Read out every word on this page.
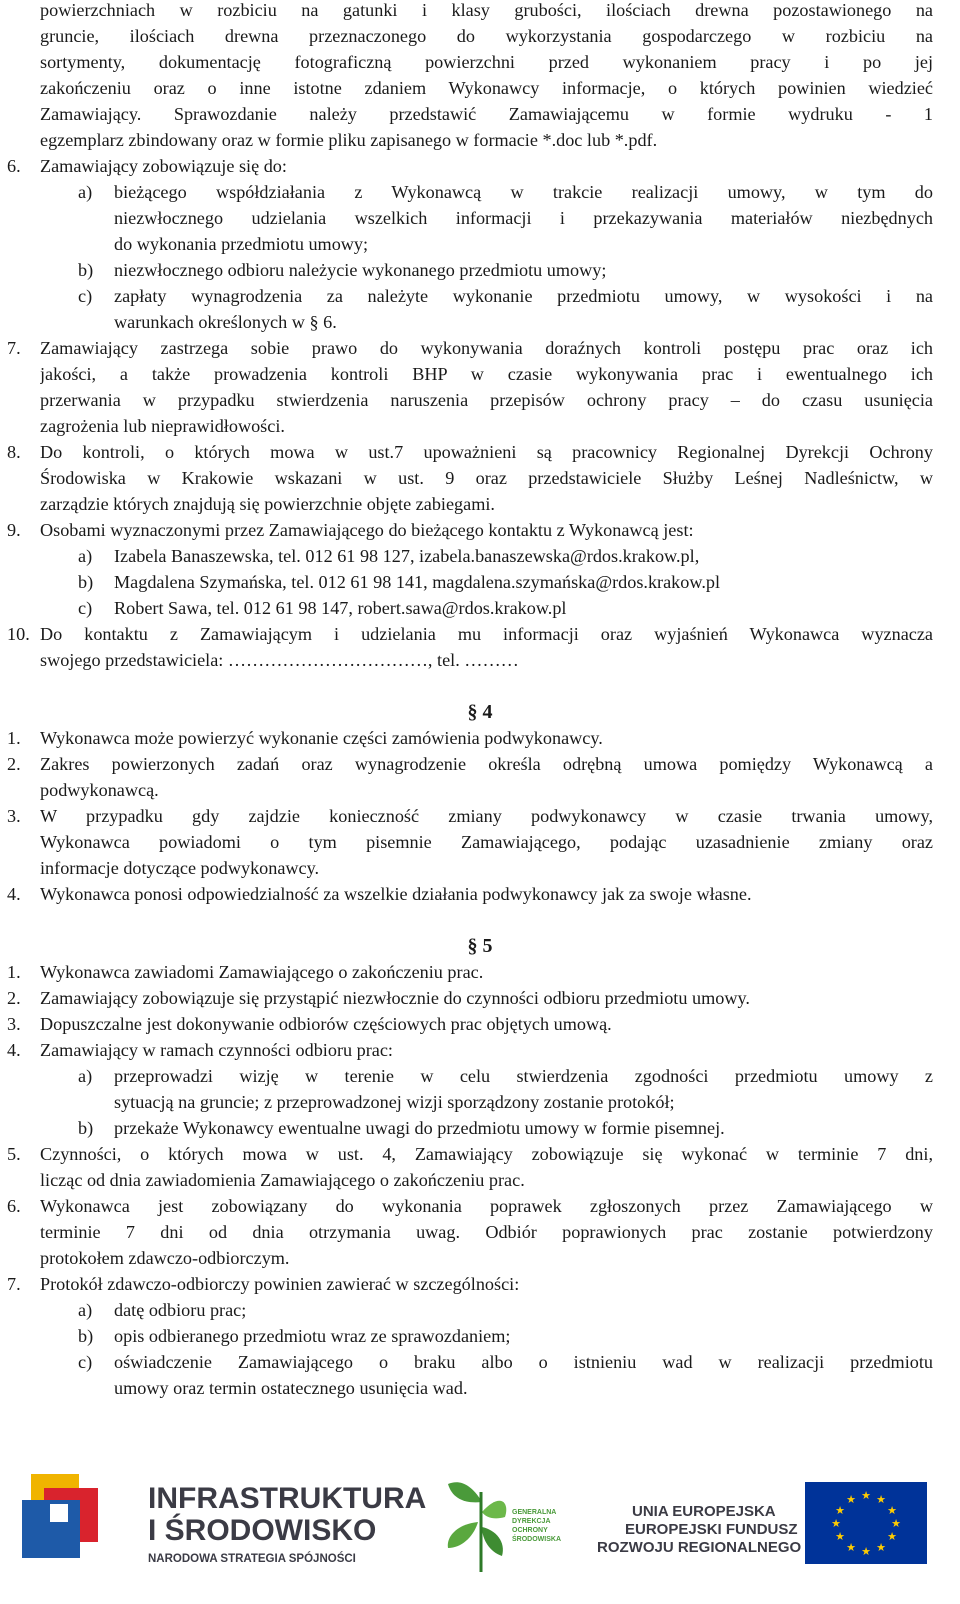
powierzchniach w rozbiciu na gatunki i klasy grubości, ilościach drewna pozostawionego na
gruncie, ilościach drewna przeznaczonego do wykorzystania gospodarczego w rozbiciu na
sortymenty, dokumentację fotograficzną powierzchni przed wykonaniem pracy i po jej
zakończeniu oraz o inne istotne zdaniem Wykonawcy informacje, o których powinien wiedzieć
Zamawiający. Sprawozdanie należy przedstawić Zamawiającemu w formie wydruku - 1
egzemplarz zbindowany oraz w formie pliku zapisanego w formacie *.doc lub *.pdf.
6. Zamawiający zobowiązuje się do:
a) bieżącego współdziałania z Wykonawcą w trakcie realizacji umowy, w tym do
niezwłocznego udzielania wszelkich informacji i przekazywania materiałów niezbędnych
do wykonania przedmiotu umowy;
b) niezwłocznego odbioru należycie wykonanego przedmiotu umowy;
c) zapłaty wynagrodzenia za należyte wykonanie przedmiotu umowy, w wysokości i na
warunkach określonych w § 6.
7. Zamawiający zastrzega sobie prawo do wykonywania doraźnych kontroli postępu prac oraz ich
jakości, a także prowadzenia kontroli BHP w czasie wykonywania prac i ewentualnego ich
przerwania w przypadku stwierdzenia naruszenia przepisów ochrony pracy – do czasu usunięcia
zagrożenia lub nieprawidłowości.
8. Do kontroli, o których mowa w ust.7 upoważnieni są pracownicy Regionalnej Dyrekcji Ochrony
Środowiska w Krakowie wskazani w ust. 9 oraz przedstawiciele Służby Leśnej Nadleśnictw, w
zarządzie których znajdują się powierzchnie objęte zabiegami.
9. Osobami wyznaczonymi przez Zamawiającego do bieżącego kontaktu z Wykonawcą jest:
a) Izabela Banaszewska, tel. 012 61 98 127, izabela.banaszewska@rdos.krakow.pl,
b) Magdalena Szymańska, tel. 012 61 98 141, magdalena.szymańska@rdos.krakow.pl
c) Robert Sawa, tel. 012 61 98 147, robert.sawa@rdos.krakow.pl
10. Do kontaktu z Zamawiającym i udzielania mu informacji oraz wyjaśnień Wykonawca wyznacza
swojego przedstawiciela: ……………………………, tel. ………
§ 4
1. Wykonawca może powierzyć wykonanie części zamówienia podwykonawcy.
2. Zakres powierzonych zadań oraz wynagrodzenie określa odrębną umowa pomiędzy Wykonawcą a
podwykonawcą.
3. W przypadku gdy zajdzie konieczność zmiany podwykonawcy w czasie trwania umowy,
Wykonawca powiadomi o tym pisemnie Zamawiającego, podając uzasadnienie zmiany oraz
informacje dotyczące podwykonawcy.
4. Wykonawca ponosi odpowiedzialność za wszelkie działania podwykonawcy jak za swoje własne.
§ 5
1. Wykonawca zawiadomi Zamawiającego o zakończeniu prac.
2. Zamawiający zobowiązuje się przystąpić niezwłocznie do czynności odbioru przedmiotu umowy.
3. Dopuszczalne jest dokonywanie odbiorów częściowych prac objętych umową.
4. Zamawiający w ramach czynności odbioru prac:
a) przeprowadzi wizję w terenie w celu stwierdzenia zgodności przedmiotu umowy z
sytuacją na gruncie; z przeprowadzonej wizji sporządzony zostanie protokół;
b) przekaże Wykonawcy ewentualne uwagi do przedmiotu umowy w formie pisemnej.
5. Czynności, o których mowa w ust. 4, Zamawiający zobowiązuje się wykonać w terminie 7 dni,
licząc od dnia zawiadomienia Zamawiającego o zakończeniu prac.
6. Wykonawca jest zobowiązany do wykonania poprawek zgłoszonych przez Zamawiającego w
terminie 7 dni od dnia otrzymania uwag. Odbiór poprawionych prac zostanie potwierdzony
protokołem zdawczo-odbiorczym.
7. Protokół zdawczo-odbiorczy powinien zawierać w szczególności:
a) datę odbioru prac;
b) opis odbieranego przedmiotu wraz ze sprawozdaniem;
c) oświadczenie Zamawiającego o braku albo o istnieniu wad w realizacji przedmiotu
umowy oraz termin ostatecznego usunięcia wad.
INFRASTRUKTURA
I ŚRODOWISKO
NARODOWA STRATEGIA SPÓJNOŚCI
GENERALNA
DYREKCJA
OCHRONY
ŚRODOWISKA
UNIA EUROPEJSKA
EUROPEJSKI FUNDUSZ
ROZWOJU REGIONALNEGO
★ ★
★
★
★
★
★
★
★
★
★
★
